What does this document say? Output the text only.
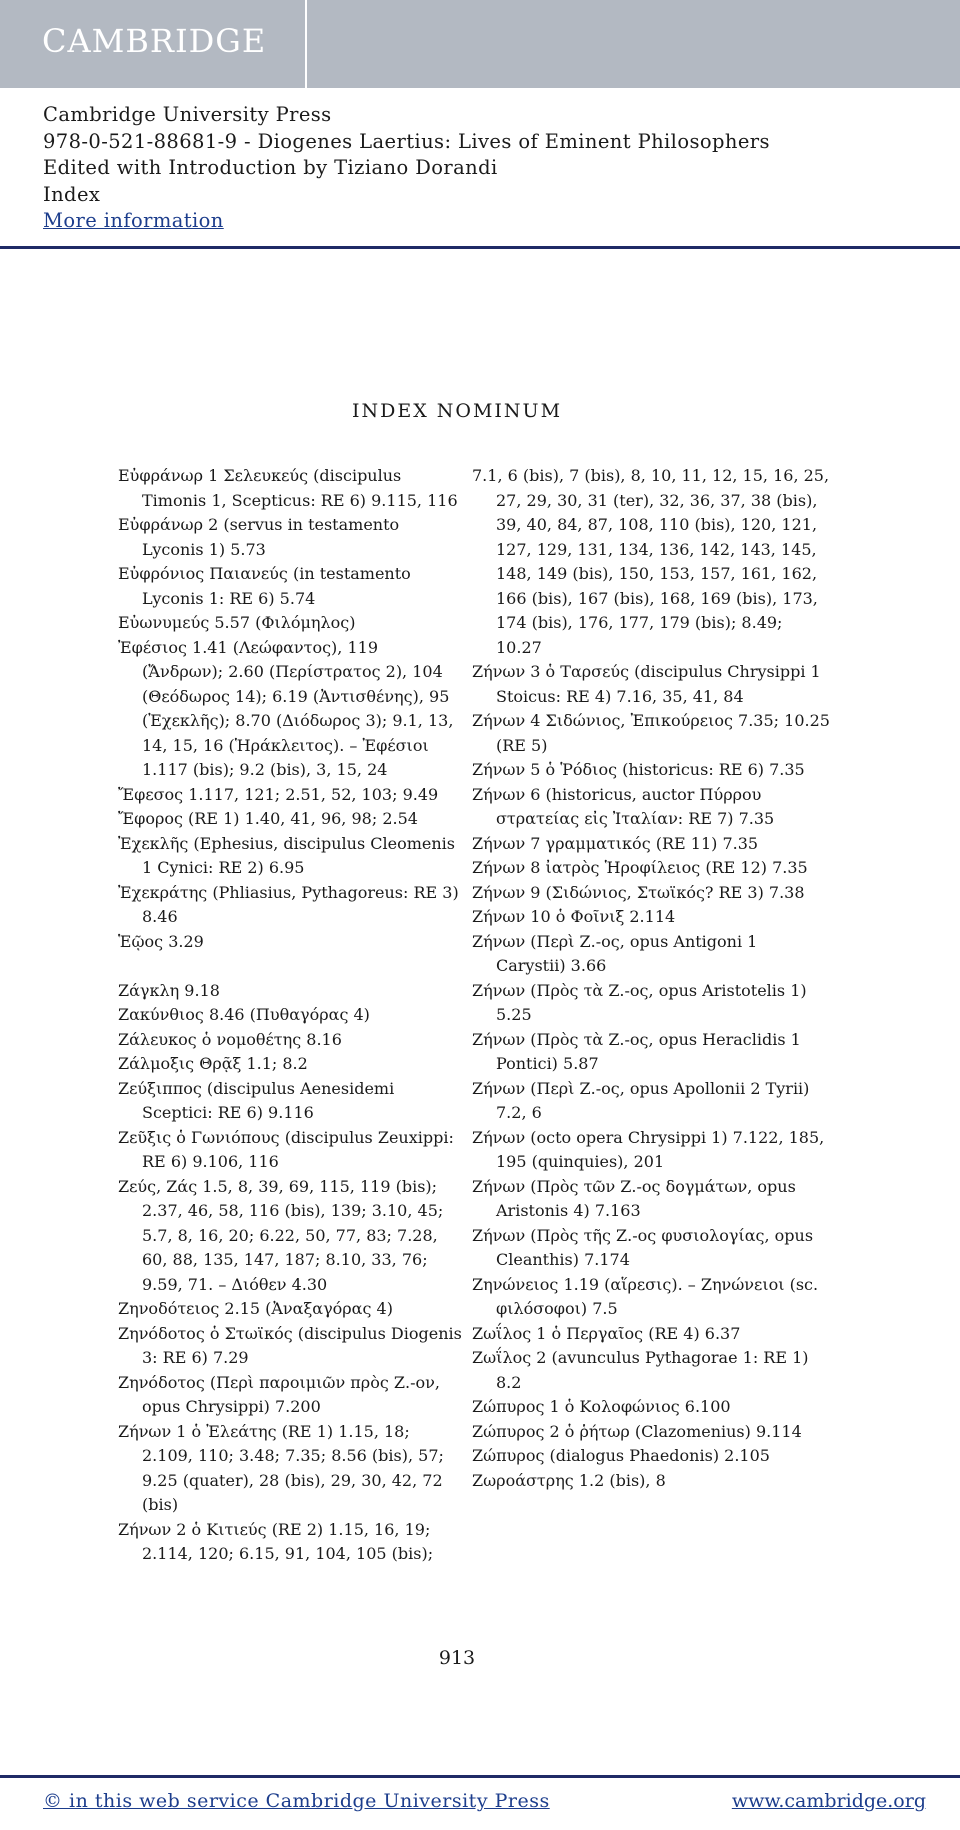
CAMBRIDGE
Cambridge University Press
978-0-521-88681-9 - Diogenes Laertius: Lives of Eminent Philosophers
Edited with Introduction by Tiziano Dorandi
Index
More information
INDEX NOMINUM
Εὐφράνωρ 1 Σελευκεύς (discipulus Timonis 1, Scepticus: RE 6) 9.115, 116
Εὐφράνωρ 2 (servus in testamento Lyconis 1) 5.73
Εὐφρόνιος Παιανεύς (in testamento Lyconis 1: RE 6) 5.74
Εὐωνυμεύς 5.57 (Φιλόμηλος)
Ἐφέσιος 1.41 (Λεώφαντος), 119 (Ἄνδρων); 2.60 (Περίστρατος 2), 104 (Θεόδωρος 14); 6.19 (Ἀντισθένης), 95 (Ἐχεκλῆς); 8.70 (Διόδωρος 3); 9.1, 13, 14, 15, 16 (Ἡράκλειτος). – Ἐφέσιοι 1.117 (bis); 9.2 (bis), 3, 15, 24
Ἔφεσος 1.117, 121; 2.51, 52, 103; 9.49
Ἔφορος (RE 1) 1.40, 41, 96, 98; 2.54
Ἐχεκλῆς (Ephesius, discipulus Cleomenis 1 Cynici: RE 2) 6.95
Ἐχεκράτης (Phliasius, Pythagoreus: RE 3) 8.46
Ἑῷος 3.29
Ζάγκλη 9.18
Ζακύνθιος 8.46 (Πυθαγόρας 4)
Ζάλευκος ὁ νομοθέτης 8.16
Ζάλμοξις Θρᾷξ 1.1; 8.2
Ζεύξιππος (discipulus Aenesidemi Sceptici: RE 6) 9.116
Ζεῦξις ὁ Γωνιόπους (discipulus Zeuxippi: RE 6) 9.106, 116
Ζεύς, Ζάς 1.5, 8, 39, 69, 115, 119 (bis); 2.37, 46, 58, 116 (bis), 139; 3.10, 45; 5.7, 8, 16, 20; 6.22, 50, 77, 83; 7.28, 60, 88, 135, 147, 187; 8.10, 33, 76; 9.59, 71. – Διόθεν 4.30
Ζηνοδότειος 2.15 (Ἀναξαγόρας 4)
Ζηνόδοτος ὁ Στωϊκός (discipulus Diogenis 3: RE 6) 7.29
Ζηνόδοτος (Περὶ παροιμιῶν πρὸς Ζ.-ον, opus Chrysippi) 7.200
Ζήνων 1 ὁ Ἐλεάτης (RE 1) 1.15, 18; 2.109, 110; 3.48; 7.35; 8.56 (bis), 57; 9.25 (quater), 28 (bis), 29, 30, 42, 72 (bis)
Ζήνων 2 ὁ Κιτιεύς (RE 2) 1.15, 16, 19; 2.114, 120; 6.15, 91, 104, 105 (bis);
7.1, 6 (bis), 7 (bis), 8, 10, 11, 12, 15, 16, 25, 27, 29, 30, 31 (ter), 32, 36, 37, 38 (bis), 39, 40, 84, 87, 108, 110 (bis), 120, 121, 127, 129, 131, 134, 136, 142, 143, 145, 148, 149 (bis), 150, 153, 157, 161, 162, 166 (bis), 167 (bis), 168, 169 (bis), 173, 174 (bis), 176, 177, 179 (bis); 8.49; 10.27
Ζήνων 3 ὁ Ταρσεύς (discipulus Chrysippi 1 Stoicus: RE 4) 7.16, 35, 41, 84
Ζήνων 4 Σιδώνιος, Ἐπικούρειος 7.35; 10.25 (RE 5)
Ζήνων 5 ὁ Ῥόδιος (historicus: RE 6) 7.35
Ζήνων 6 (historicus, auctor Πύρρου στρατείας εἰς Ἰταλίαν: RE 7) 7.35
Ζήνων 7 γραμματικός (RE 11) 7.35
Ζήνων 8 ἰατρὸς Ἡροφίλειος (RE 12) 7.35
Ζήνων 9 (Σιδώνιος, Στωϊκός? RE 3) 7.38
Ζήνων 10 ὁ Φοῖνιξ 2.114
Ζήνων (Περὶ Ζ.-ος, opus Antigoni 1 Carystii) 3.66
Ζήνων (Πρὸς τὰ Ζ.-ος, opus Aristotelis 1) 5.25
Ζήνων (Πρὸς τὰ Ζ.-ος, opus Heraclidis 1 Pontici) 5.87
Ζήνων (Περὶ Ζ.-ος, opus Apollonii 2 Tyrii) 7.2, 6
Ζήνων (octo opera Chrysippi 1) 7.122, 185, 195 (quinquies), 201
Ζήνων (Πρὸς τῶν Ζ.-ος δογμάτων, opus Aristonis 4) 7.163
Ζήνων (Πρὸς τῆς Ζ.-ος φυσιολογίας, opus Cleanthis) 7.174
Ζηνώνειος 1.19 (αἵρεσις). – Ζηνώνειοι (sc. φιλόσοφοι) 7.5
Ζωΐλος 1 ὁ Περγαῖος (RE 4) 6.37
Ζωΐλος 2 (avunculus Pythagorae 1: RE 1) 8.2
Ζώπυρος 1 ὁ Κολοφώνιος 6.100
Ζώπυρος 2 ὁ ῥήτωρ (Clazomenius) 9.114
Ζώπυρος (dialogus Phaedonis) 2.105
Ζωροάστρης 1.2 (bis), 8
913
© in this web service Cambridge University Press	www.cambridge.org
